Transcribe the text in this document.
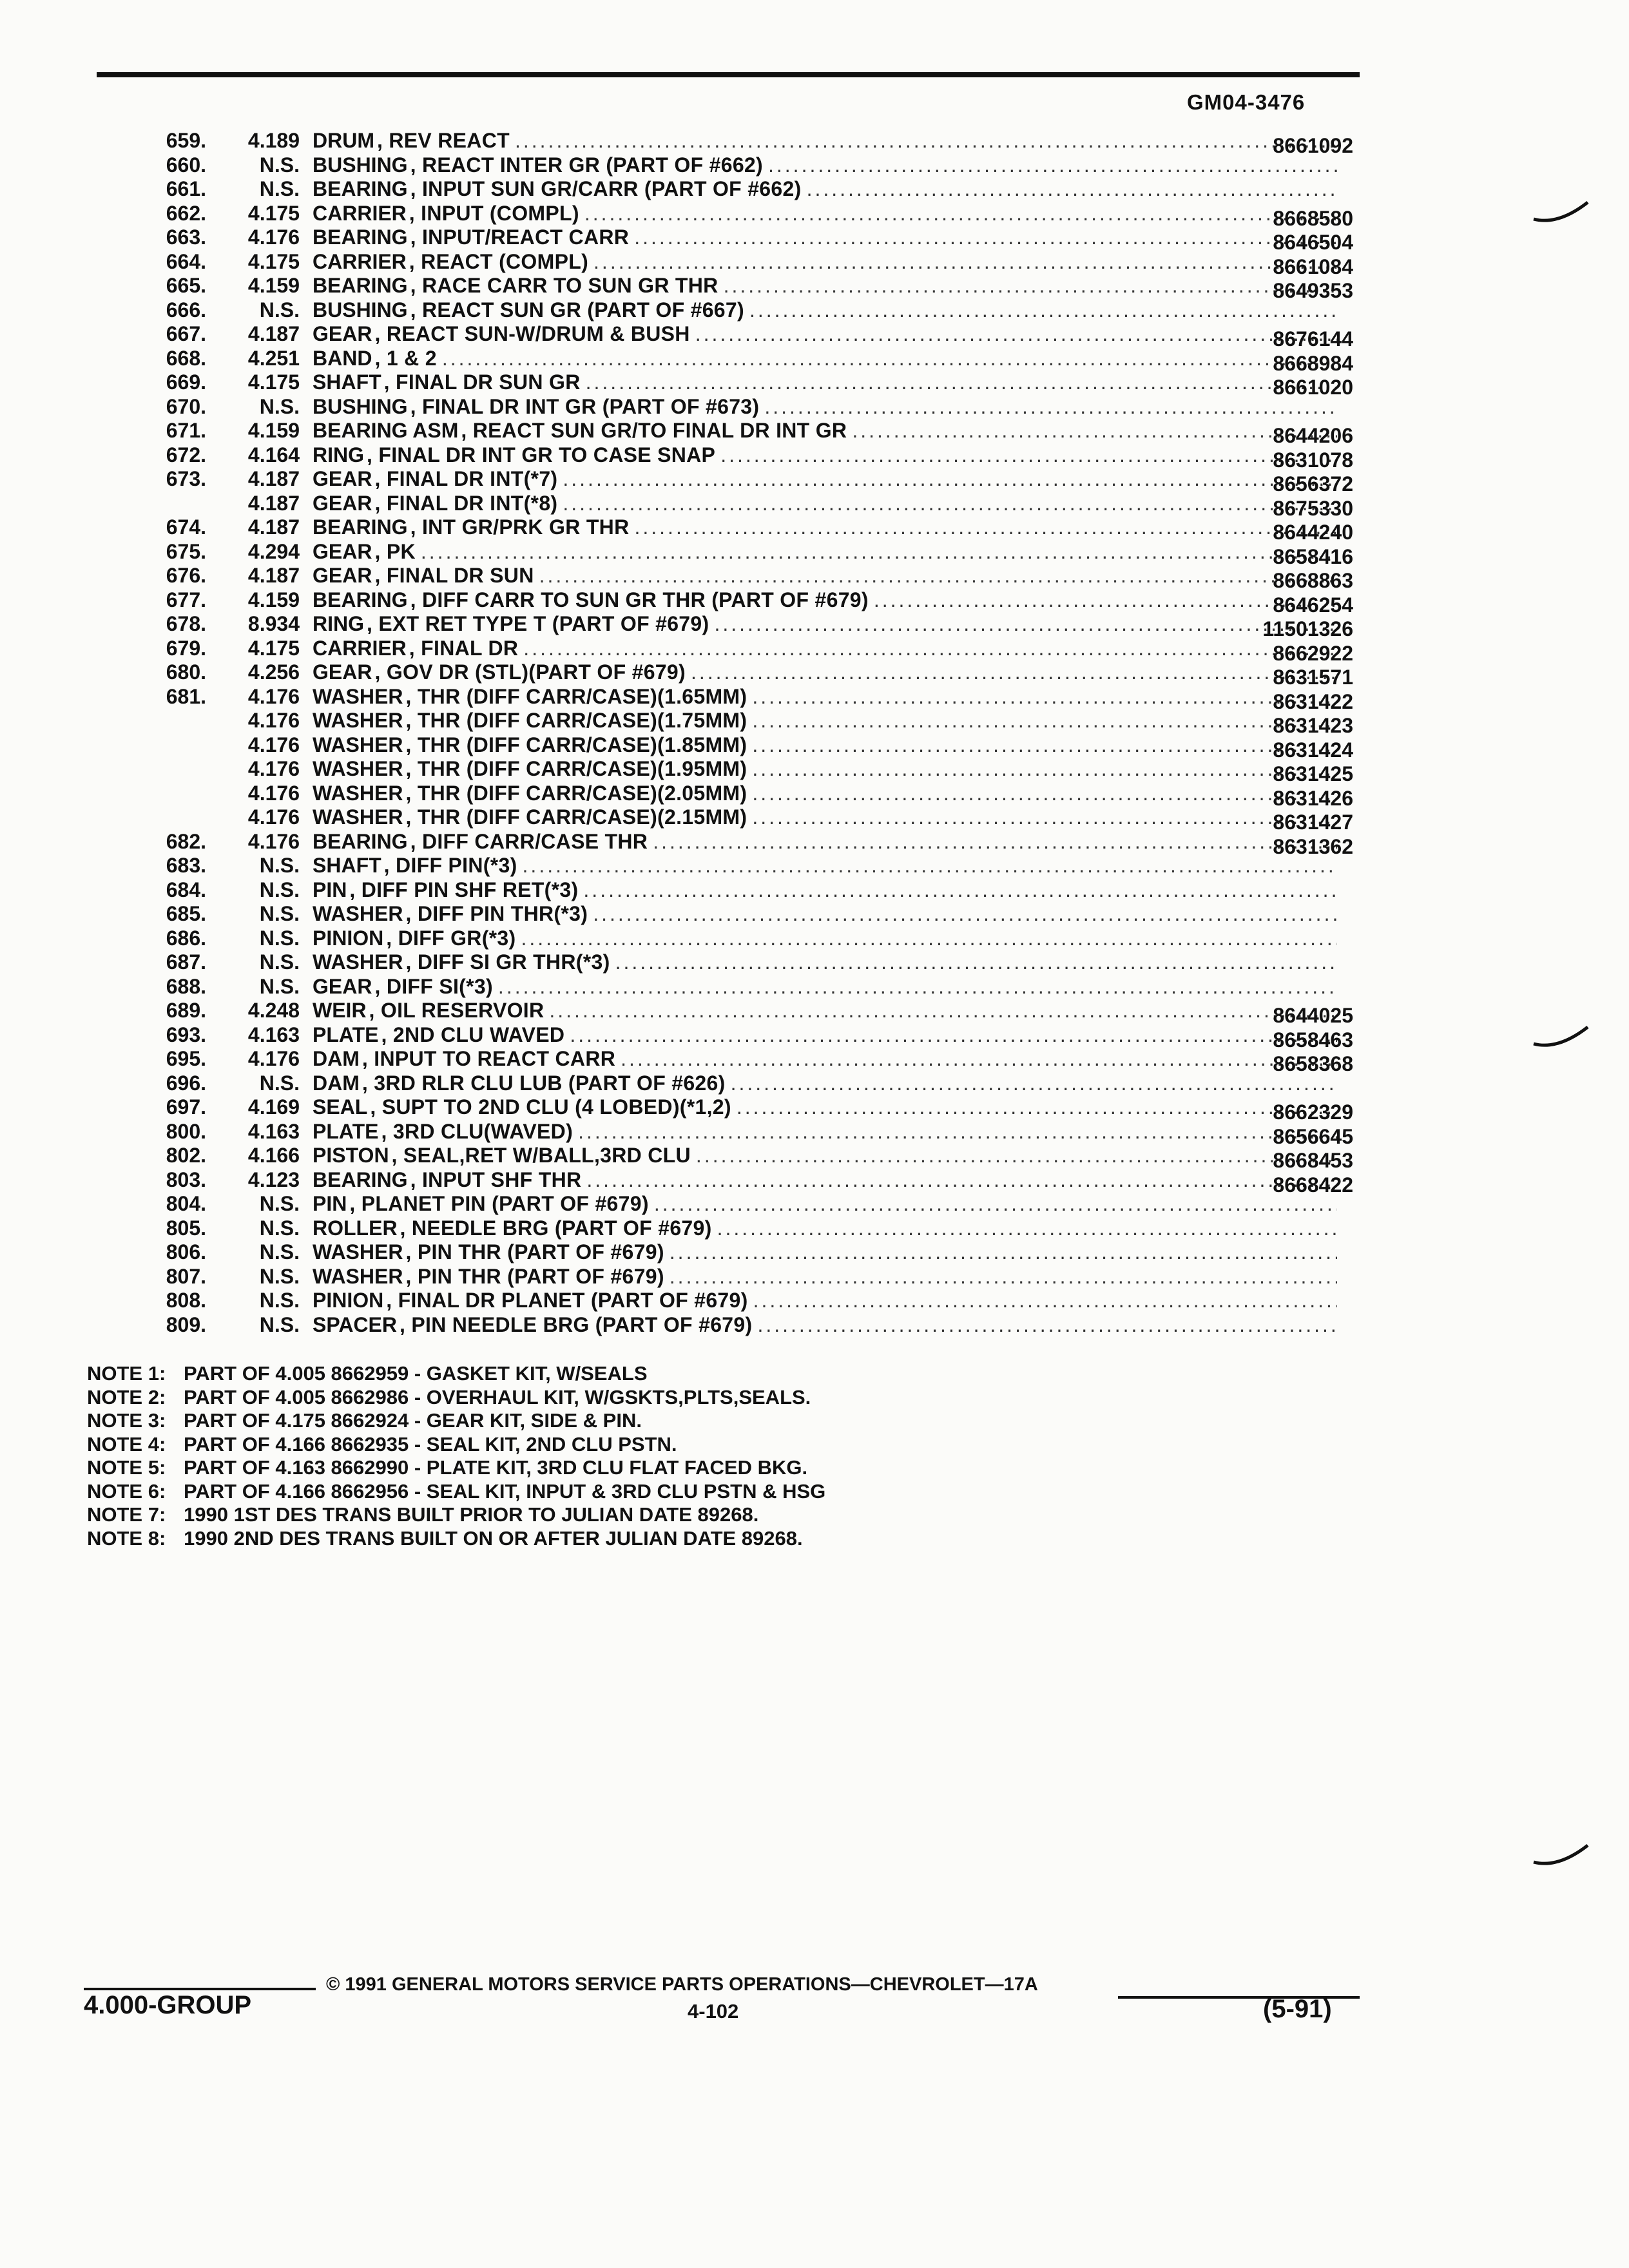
GM04-3476
659.	4.189 DRUM , REV REACT .....	8661092
660.	N.S. BUSHING , REACT INTER GR (PART OF #662)
.....
661.	N.S. BEARING , INPUT SUN GR/CARR (PART OF #662)
.....
662.	4.175 CARRIER , INPUT (COMPL) .....	8668580
663.	4.176 BEARING , INPUT/REACT CARR .....	8646504
664.	4.175 CARRIER , REACT (COMPL) .....	8661084
665.	4.159 BEARING , RACE CARR TO SUN GR THR .....	8649353
666.	N.S. BUSHING , REACT SUN GR (PART OF #667)
.....
667.	4.187 GEAR , REACT SUN-W/DRUM & BUSH .....	8676144
668.	4.251 BAND , 1 & 2 .....	8668984
669.	4.175 SHAFT , FINAL DR SUN GR .....	8661020
670.	N.S. BUSHING , FINAL DR INT GR (PART OF #673)
.....
671.	4.159 BEARING ASM , REACT SUN GR/TO FINAL DR INT GR .....	8644206
672.	4.164 RING , FINAL DR INT GR TO CASE SNAP .....	8631078
673.	4.187 GEAR , FINAL DR INT(*7) .....	8656372
4.187 GEAR , FINAL DR INT(*8) .....	8675330
674.	4.187 BEARING , INT GR/PRK GR THR .....	8644240
675.	4.294 GEAR , PK .....	8658416
676.	4.187 GEAR , FINAL DR SUN .....	8668863
677.	4.159 BEARING , DIFF CARR TO SUN GR THR (PART OF #679) .....	8646254
678.	8.934 RING , EXT RET TYPE T (PART OF #679) .....	11501326
679.	4.175 CARRIER , FINAL DR .....	8662922
680.	4.256 GEAR , GOV DR (STL)(PART OF #679) .....	8631571
681.	4.176 WASHER , THR (DIFF CARR/CASE)(1.65MM) .....	8631422
4.176 WASHER , THR (DIFF CARR/CASE)(1.75MM) .....	8631423
4.176 WASHER , THR (DIFF CARR/CASE)(1.85MM) .....	8631424
4.176 WASHER , THR (DIFF CARR/CASE)(1.95MM) .....	8631425
4.176 WASHER , THR (DIFF CARR/CASE)(2.05MM) .....	8631426
4.176 WASHER , THR (DIFF CARR/CASE)(2.15MM) .....	8631427
682.	4.176 BEARING , DIFF CARR/CASE THR .....	8631362
683.	N.S. SHAFT , DIFF PIN(*3)
.....
684.	N.S. PIN , DIFF PIN SHF RET(*3)
.....
685.	N.S. WASHER , DIFF PIN THR(*3)
.....
686.	N.S. PINION , DIFF GR(*3)
.....
687.	N.S. WASHER , DIFF SI GR THR(*3)
.....
688.	N.S. GEAR , DIFF SI(*3)
.....
689.	4.248 WEIR , OIL RESERVOIR .....	8644025
693.	4.163 PLATE , 2ND CLU WAVED .....	8658463
695.	4.176 DAM , INPUT TO REACT CARR .....	8658368
696.	N.S. DAM , 3RD RLR CLU LUB (PART OF #626)
.....
697.	4.169 SEAL , SUPT TO 2ND CLU (4 LOBED)(*1,2) .....	8662329
800.	4.163 PLATE , 3RD CLU(WAVED) .....	8656645
802.	4.166 PISTON , SEAL,RET W/BALL,3RD CLU .....	8668453
803.	4.123 BEARING , INPUT SHF THR .....	8668422
804.	N.S. PIN , PLANET PIN (PART OF #679)
.....
805.	N.S. ROLLER , NEEDLE BRG (PART OF #679)
.....
806.	N.S. WASHER , PIN THR (PART OF #679)
.....
807.	N.S. WASHER , PIN THR (PART OF #679)
.....
808.	N.S. PINION , FINAL DR PLANET (PART OF #679)
.....
809.	N.S. SPACER , PIN NEEDLE BRG (PART OF #679)
.....
NOTE 1: PART OF 4.005 8662959 - GASKET KIT, W/SEALS
NOTE 2: PART OF 4.005 8662986 - OVERHAUL KIT, W/GSKTS,PLTS,SEALS.
NOTE 3: PART OF 4.175 8662924 - GEAR KIT, SIDE & PIN.
NOTE 4: PART OF 4.166 8662935 - SEAL KIT, 2ND CLU PSTN.
NOTE 5: PART OF 4.163 8662990 - PLATE KIT, 3RD CLU FLAT FACED BKG.
NOTE 6: PART OF 4.166 8662956 - SEAL KIT, INPUT & 3RD CLU PSTN & HSG
NOTE 7: 1990 1ST DES TRANS BUILT PRIOR TO JULIAN DATE 89268.
NOTE 8: 1990 2ND DES TRANS BUILT ON OR AFTER JULIAN DATE 89268.
© 1991 GENERAL MOTORS SERVICE PARTS OPERATIONS—CHEVROLET—17A
4.000-GROUP	4-102	(5-91)
